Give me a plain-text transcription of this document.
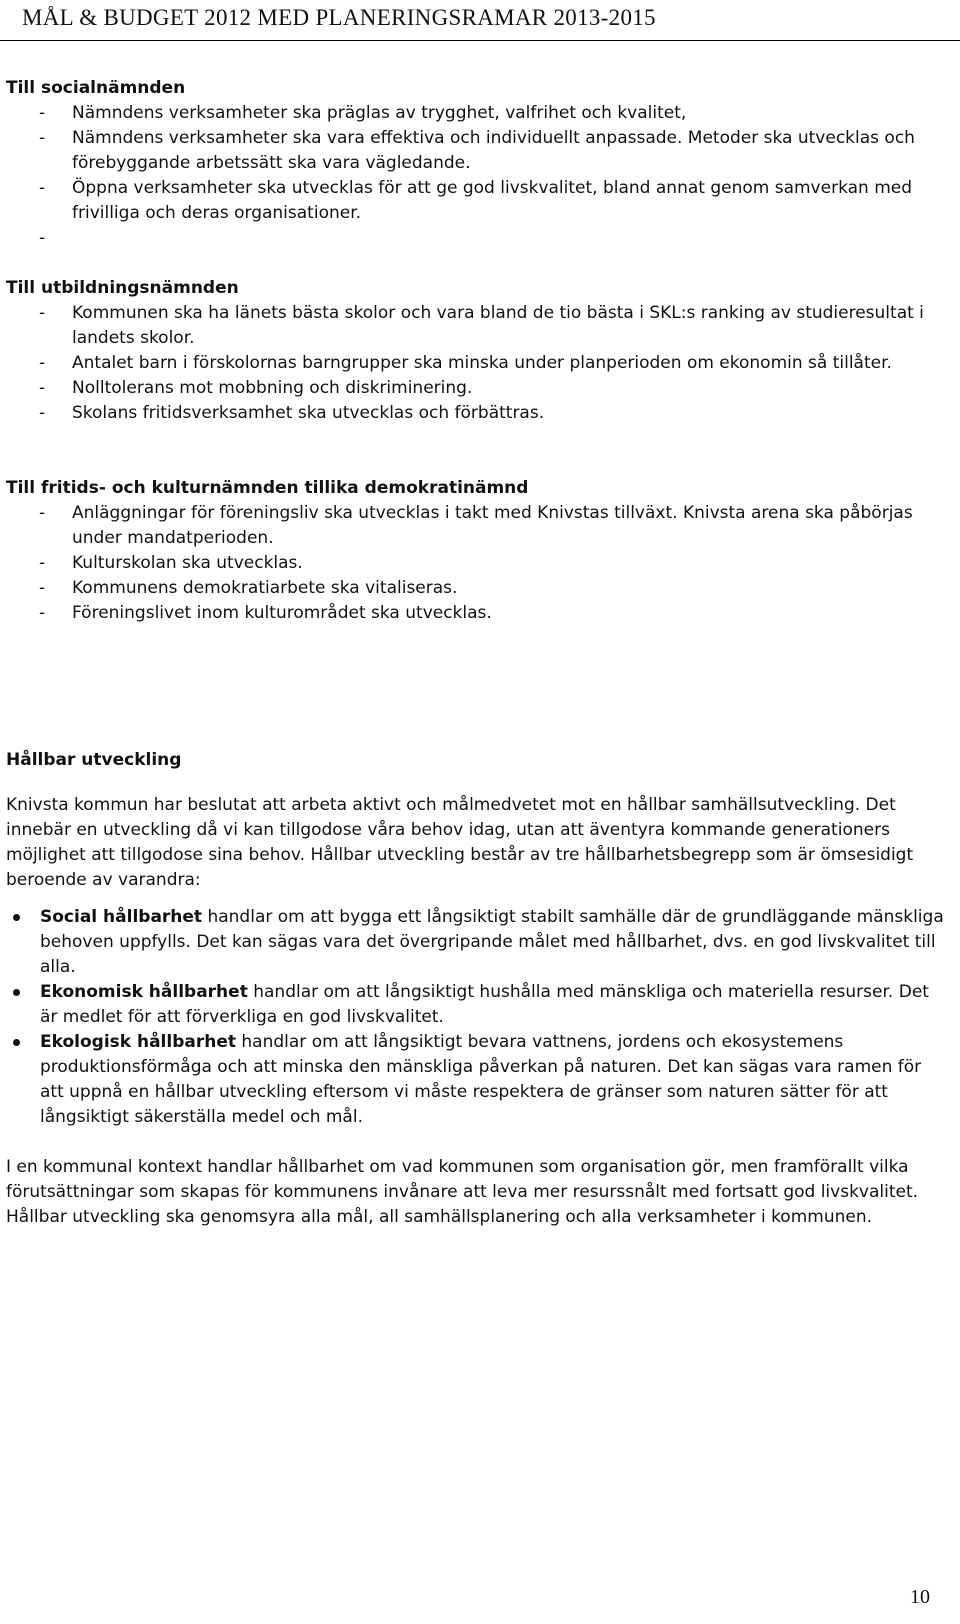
MÅL & BUDGET 2012 MED PLANERINGSRAMAR 2013-2015
Till socialnämnden
- Nämndens verksamheter ska präglas av trygghet, valfrihet och kvalitet,
- Nämndens verksamheter ska vara effektiva och individuellt anpassade. Metoder ska utvecklas och förebyggande arbetssätt ska vara vägledande.
- Öppna verksamheter ska utvecklas för att ge god livskvalitet, bland annat genom samverkan med frivilliga och deras organisationer.
-
Till utbildningsnämnden
- Kommunen ska ha länets bästa skolor och vara bland de tio bästa i SKL:s ranking av studieresultat i landets skolor.
- Antalet barn i förskolornas barngrupper ska minska under planperioden om ekonomin så tillåter.
- Nolltolerans mot mobbning och diskriminering.
- Skolans fritidsverksamhet ska utvecklas och förbättras.
Till fritids- och kulturnämnden tillika demokratinämnd
- Anläggningar för föreningsliv ska utvecklas i takt med Knivstas tillväxt. Knivsta arena ska påbörjas under mandatperioden.
- Kulturskolan ska utvecklas.
- Kommunens demokratiarbete ska vitaliseras.
- Föreningslivet inom kulturområdet ska utvecklas.
Hållbar utveckling

Knivsta kommun har beslutat att arbeta aktivt och målmedvetet mot en hållbar samhällsutveckling. Det innebär en utveckling då vi kan tillgodose våra behov idag, utan att äventyra kommande generationers möjlighet att tillgodose sina behov. Hållbar utveckling består av tre hållbarhetsbegrepp som är ömsesidigt beroende av varandra:

Social hållbarhet handlar om att bygga ett långsiktigt stabilt samhälle där de grundläggande mänskliga behoven uppfylls. Det kan sägas vara det övergripande målet med hållbarhet, dvs. en god livskvalitet till alla.
Ekonomisk hållbarhet handlar om att långsiktigt hushålla med mänskliga och materiella resurser. Det är medlet för att förverkliga en god livskvalitet.
Ekologisk hållbarhet handlar om att långsiktigt bevara vattnens, jordens och ekosystemens produktionsförmåga och att minska den mänskliga påverkan på naturen. Det kan sägas vara ramen för att uppnå en hållbar utveckling eftersom vi måste respektera de gränser som naturen sätter för att långsiktigt säkerställa medel och mål.

I en kommunal kontext handlar hållbarhet om vad kommunen som organisation gör, men framförallt vilka förutsättningar som skapas för kommunens invånare att leva mer resurssnålt med fortsatt god livskvalitet. Hållbar utveckling ska genomsyra alla mål, all samhällsplanering och alla verksamheter i kommunen.

10
